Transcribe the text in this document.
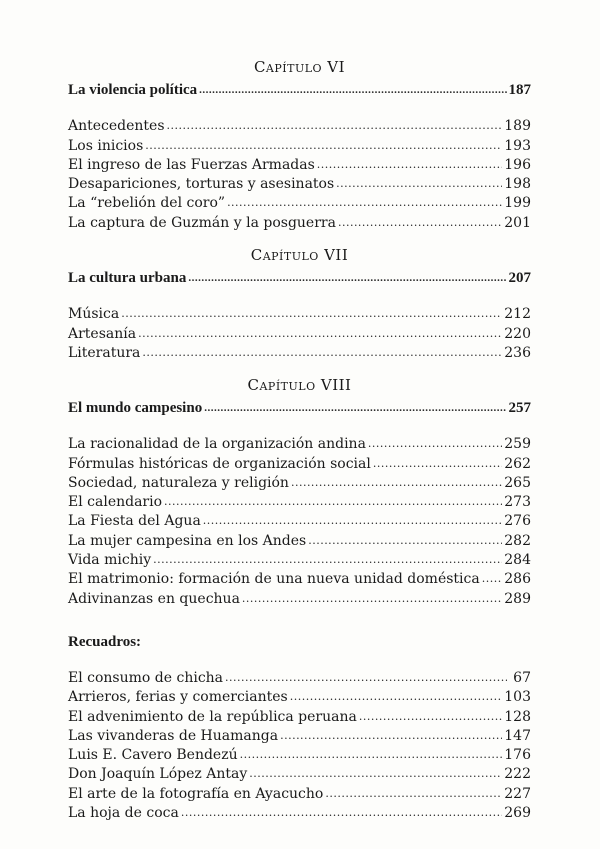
Capítulo VI
La violencia política .....	187
Antecedentes .....	189
Los inicios .....	193
El ingreso de las Fuerzas Armadas .....	196
Desapariciones, torturas y asesinatos .....	198
La “rebelión del coro” .....	199
La captura de Guzmán y la posguerra .....	201
Capítulo VII
La cultura urbana .....	207
Música .....	212
Artesanía .....	220
Literatura .....	236
Capítulo VIII
El mundo campesino .....	257
La racionalidad de la organización andina .....	259
Fórmulas históricas de organización social .....	262
Sociedad, naturaleza y religión .....	265
El calendario .....	273
La Fiesta del Agua .....	276
La mujer campesina en los Andes .....	282
Vida michiy .....	284
El matrimonio: formación de una nueva unidad doméstica ..... 286
Adivinanzas en quechua .....	289
Recuadros:
El consumo de chicha .....	67
Arrieros, ferias y comerciantes .....	103
El advenimiento de la república peruana .....	128
Las vivanderas de Huamanga .....	147
Luis E. Cavero Bendezú .....	176
Don Joaquín López Antay .....	222
El arte de la fotografía en Ayacucho .....	227
La hoja de coca .....	269
